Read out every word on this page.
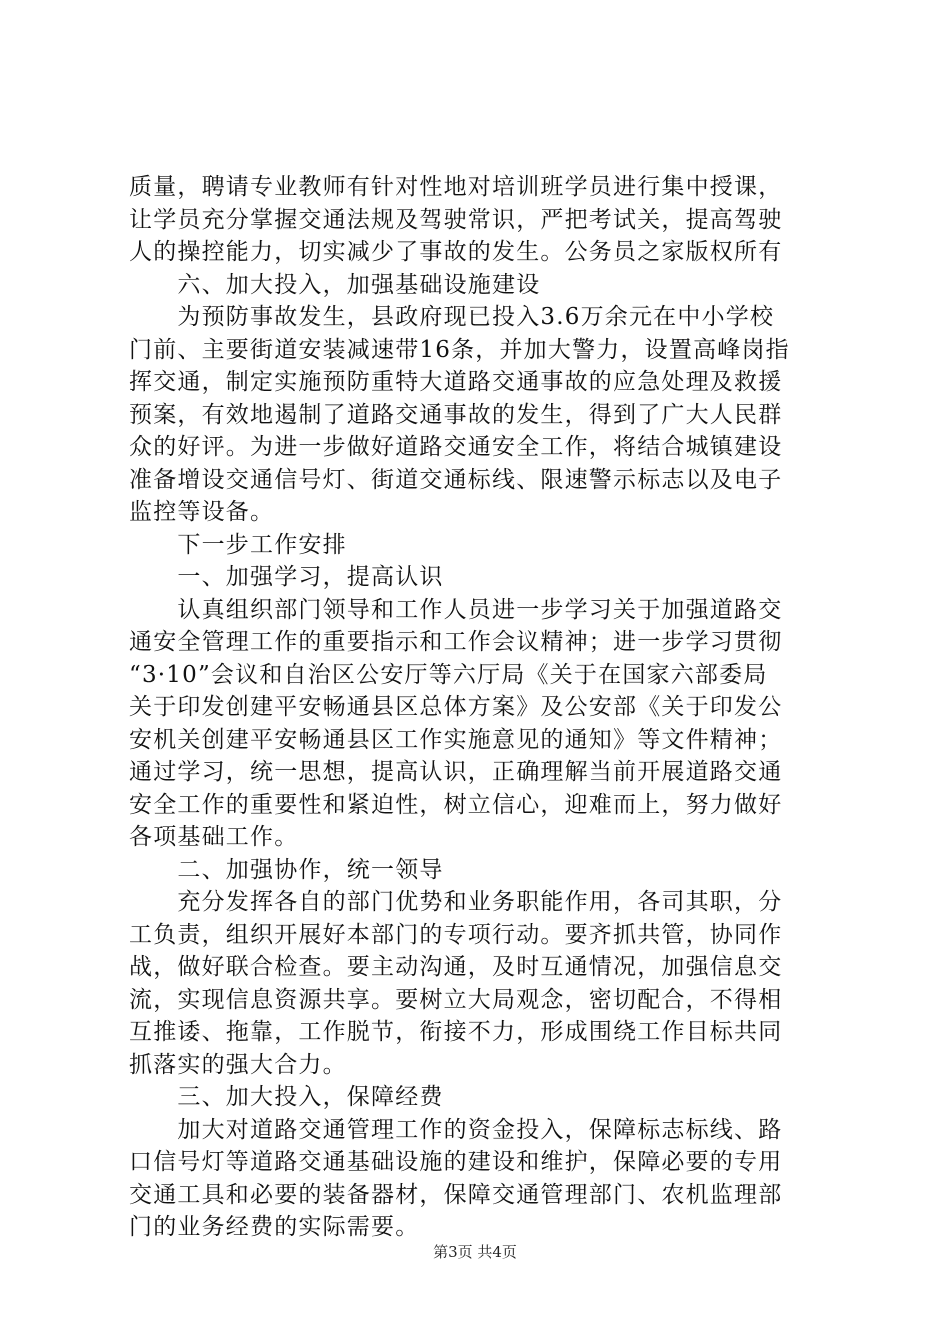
质量，聘请专业教师有针对性地对培训班学员进行集中授课，
让学员充分掌握交通法规及驾驶常识，严把考试关，提高驾驶
人的操控能力，切实减少了事故的发生。公务员之家版权所有
　　六、加大投入，加强基础设施建设
　　为预防事故发生，县政府现已投入3.6万余元在中小学校
门前、主要街道安装减速带16条，并加大警力，设置高峰岗指
挥交通，制定实施预防重特大道路交通事故的应急处理及救援
预案，有效地遏制了道路交通事故的发生，得到了广大人民群
众的好评。为进一步做好道路交通安全工作，将结合城镇建设
准备增设交通信号灯、街道交通标线、限速警示标志以及电子
监控等设备。
　　下一步工作安排
　　一、加强学习，提高认识
　　认真组织部门领导和工作人员进一步学习关于加强道路交
通安全管理工作的重要指示和工作会议精神；进一步学习贯彻
“3·10”会议和自治区公安厅等六厅局《关于在国家六部委局
关于印发创建平安畅通县区总体方案》及公安部《关于印发公
安机关创建平安畅通县区工作实施意见的通知》等文件精神；
通过学习，统一思想，提高认识，正确理解当前开展道路交通
安全工作的重要性和紧迫性，树立信心，迎难而上，努力做好
各项基础工作。
　　二、加强协作，统一领导
　　充分发挥各自的部门优势和业务职能作用，各司其职，分
工负责，组织开展好本部门的专项行动。要齐抓共管，协同作
战，做好联合检查。要主动沟通，及时互通情况，加强信息交
流，实现信息资源共享。要树立大局观念，密切配合，不得相
互推诿、拖靠，工作脱节，衔接不力，形成围绕工作目标共同
抓落实的强大合力。
　　三、加大投入，保障经费
　　加大对道路交通管理工作的资金投入，保障标志标线、路
口信号灯等道路交通基础设施的建设和维护，保障必要的专用
交通工具和必要的装备器材，保障交通管理部门、农机监理部
门的业务经费的实际需要。
第3页 共4页
